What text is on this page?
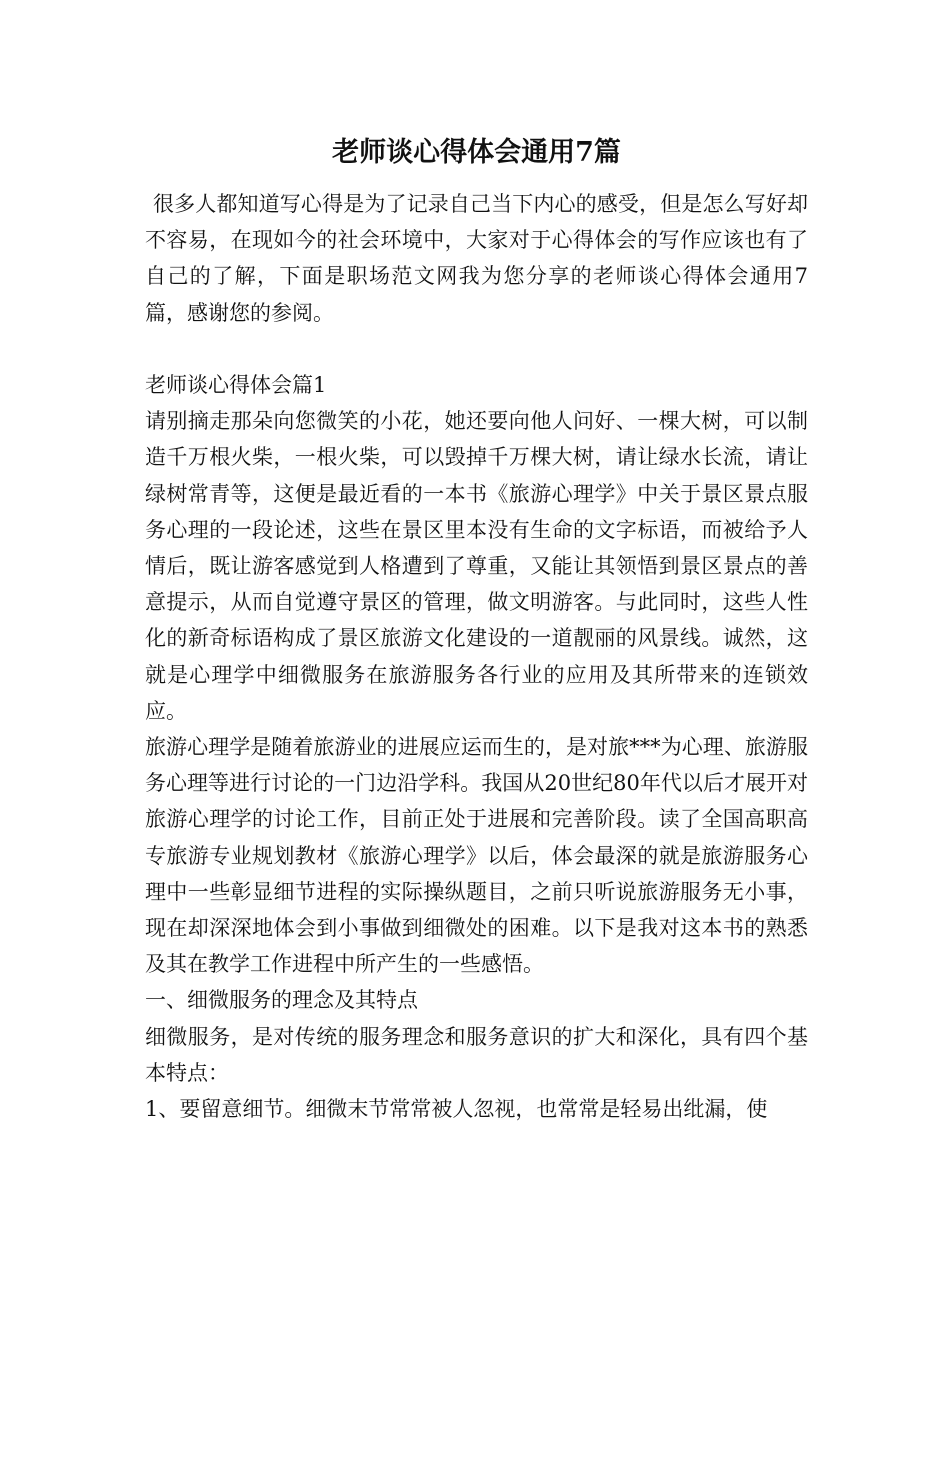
老师谈心得体会通用7篇

很多人都知道写心得是为了记录自己当下内心的感受，但是怎么写好却不容易，在现如今的社会环境中，大家对于心得体会的写作应该也有了自己的了解，下面是职场范文网我为您分享的老师谈心得体会通用7篇，感谢您的参阅。

老师谈心得体会篇1

请别摘走那朵向您微笑的小花，她还要向他人问好、一棵大树，可以制造千万根火柴，一根火柴，可以毁掉千万棵大树，请让绿水长流，请让绿树常青等，这便是最近看的一本书《旅游心理学》中关于景区景点服务心理的一段论述，这些在景区里本没有生命的文字标语，而被给予人情后，既让游客感觉到人格遭到了尊重，又能让其领悟到景区景点的善意提示，从而自觉遵守景区的管理，做文明游客。与此同时，这些人性化的新奇标语构成了景区旅游文化建设的一道靓丽的风景线。诚然，这就是心理学中细微服务在旅游服务各行业的应用及其所带来的连锁效应。

旅游心理学是随着旅游业的进展应运而生的，是对旅***为心理、旅游服务心理等进行讨论的一门边沿学科。我国从20世纪80年代以后才展开对旅游心理学的讨论工作，目前正处于进展和完善阶段。读了全国高职高专旅游专业规划教材《旅游心理学》以后，体会最深的就是旅游服务心理中一些彰显细节进程的实际操纵题目，之前只听说旅游服务无小事，现在却深深地体会到小事做到细微处的困难。以下是我对这本书的熟悉及其在教学工作进程中所产生的一些感悟。

一、细微服务的理念及其特点

细微服务，是对传统的服务理念和服务意识的扩大和深化，具有四个基本特点：

1、要留意细节。细微末节常常被人忽视，也常常是轻易出纰漏，使
